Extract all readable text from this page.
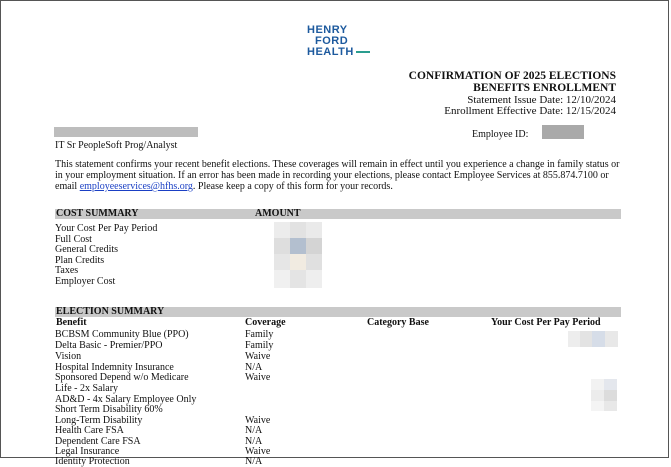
HENRY
FORD
HEALTH
CONFIRMATION OF 2025 ELECTIONS
BENEFITS ENROLLMENT
Statement Issue Date: 12/10/2024
Enrollment Effective Date: 12/15/2024
IT Sr PeopleSoft Prog/Analyst
Employee ID:
This statement confirms your recent benefit elections. These coverages will remain in effect until you experience a change in family status or in your employment situation. If an error has been made in recording your elections, please contact Employee Services at 855.874.7100 or email employeeservices@hfhs.org. Please keep a copy of this form for your records.
COST SUMMARY	AMOUNT
Your Cost Per Pay Period
Full Cost
General Credits
Plan Credits
Taxes
Employer Cost
ELECTION SUMMARY
Benefit	Coverage	Category Base	Your Cost Per Pay Period
BCBSM Community Blue (PPO)	Family
Delta Basic - Premier/PPO	Family
Vision	Waive
Hospital Indemnity Insurance	N/A
Sponsored Depend w/o Medicare	Waive
Life - 2x Salary
AD&D - 4x Salary Employee Only
Short Term Disability 60%
Long-Term Disability	Waive
Health Care FSA	N/A
Dependent Care FSA	N/A
Legal Insurance	Waive
Identity Protection	N/A
